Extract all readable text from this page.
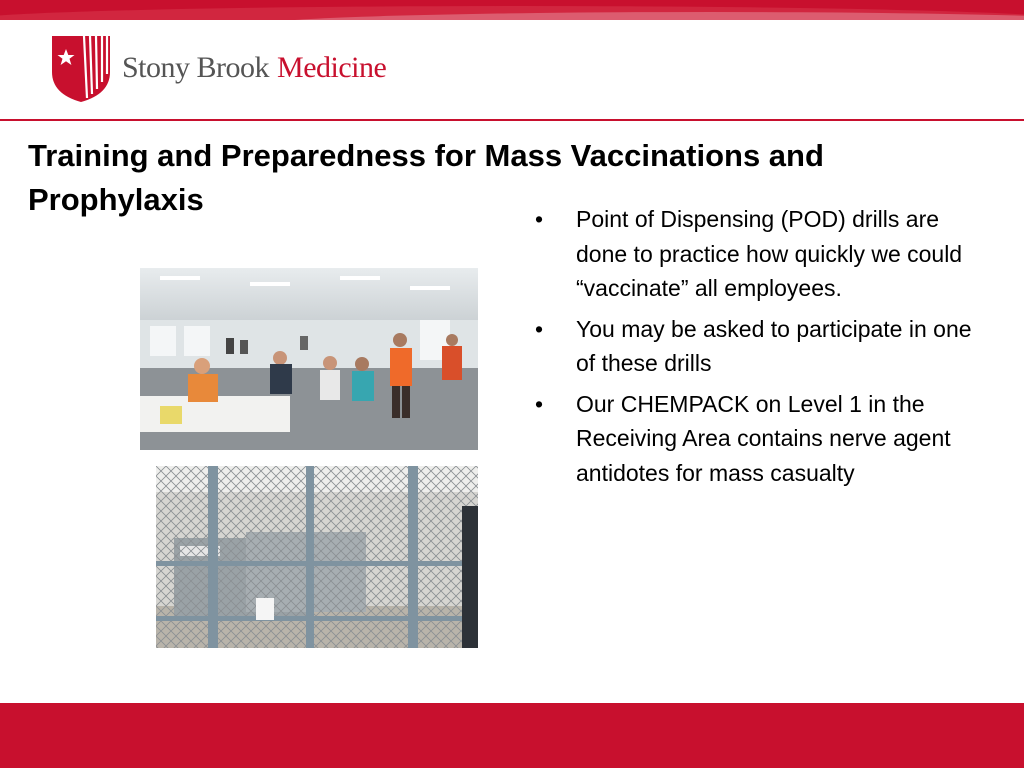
Stony Brook Medicine
Training and Preparedness for Mass Vaccinations and Prophylaxis
• Point of Dispensing (POD) drills are done to practice how quickly we could “vaccinate” all employees.
• You may be asked to participate in one of these drills
• Our CHEMPACK on Level 1 in the Receiving Area contains nerve agent antidotes for mass casualty
